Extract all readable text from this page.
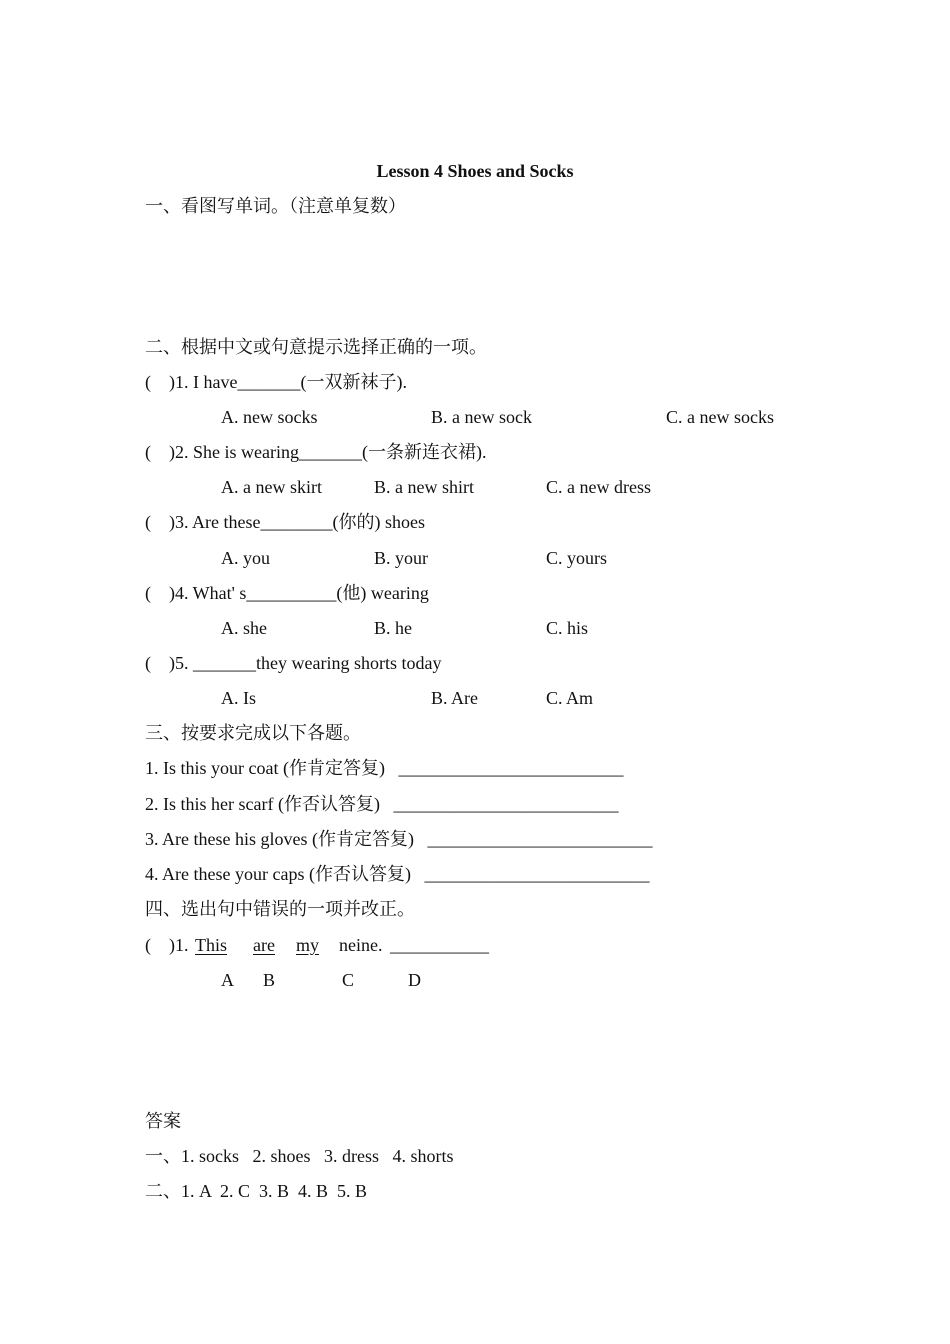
Lesson 4 Shoes and Socks
一、看图写单词。（注意单复数）
二、根据中文或句意提示选择正确的一项。
(    )1. I have_______(一双新袜子).
A. new socks	B. a new sock	C. a new socks
(    )2. She is wearing_______(一条新连衣裙).
A. a new skirt	B. a new shirt	C. a new dress
(    )3. Are these________(你的) shoes
A. you	B. your	C. yours
(    )4. What' s__________(他) wearing
A. she	B. he	C. his
(    )5. _______they wearing shorts today
A. Is	B. Are	C. Am
三、按要求完成以下各题。
1. Is this your coat (作肯定答复)   _________________________
2. Is this her scarf (作否认答复)   _________________________
3. Are these his gloves (作肯定答复)   _________________________
4. Are these your caps (作否认答复)   _________________________
四、选出句中错误的一项并改正。
(    )1. This are my neine. ___________
A B	C	D
答案
一、1. socks   2. shoes   3. dress   4. shorts
二、1. A  2. C  3. B  4. B  5. B
